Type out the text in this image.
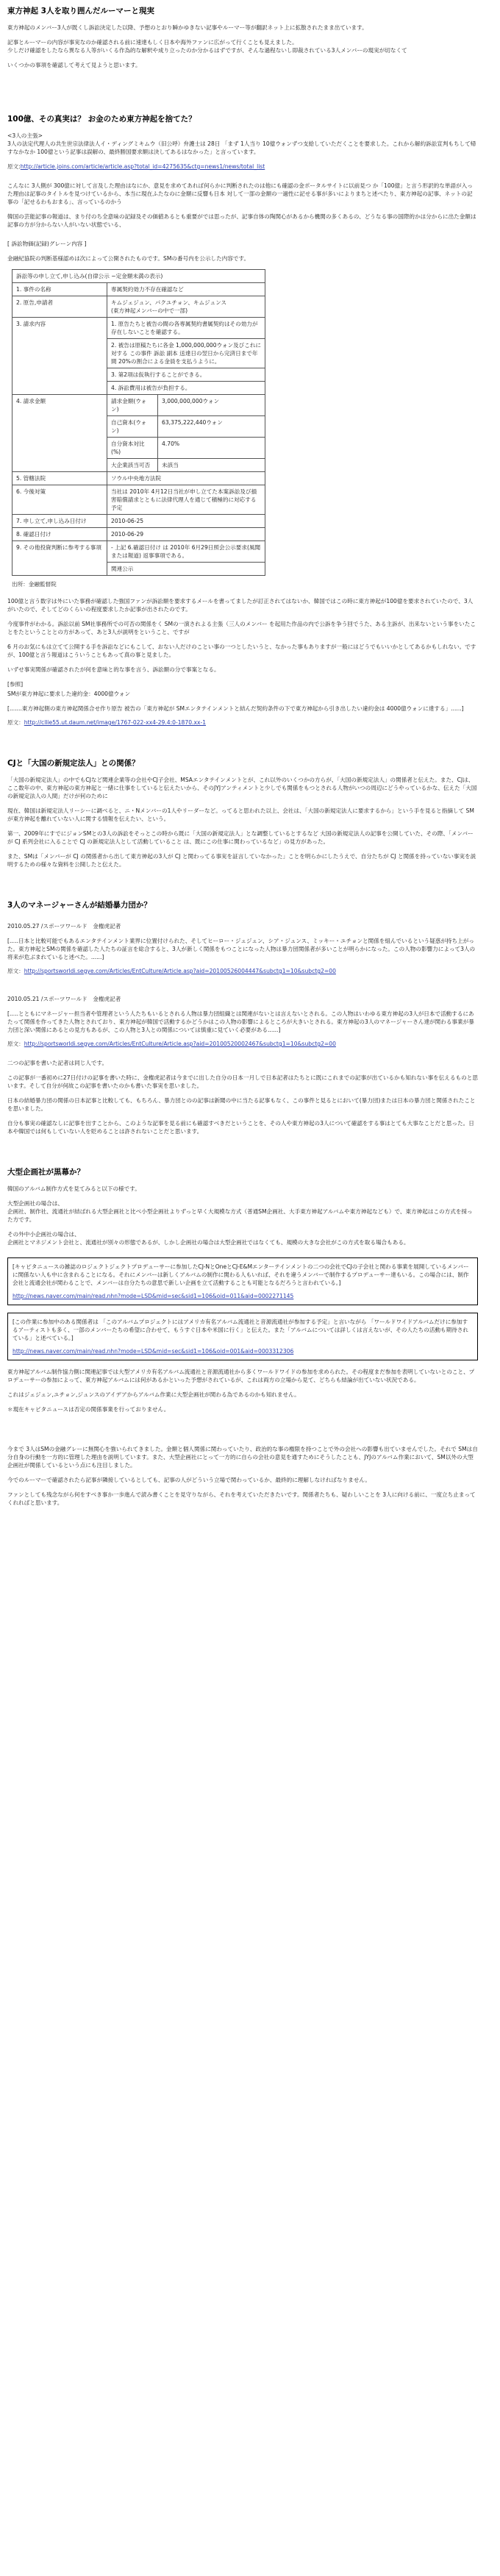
東方神起 3人を取り囲んだルーマーと現実
東方神起のメンバー3人が既くし訴訟決定した以降、予想のとおり瞬かゆきない記事やルーマー等が翻訳ネット上に拡散されたまま出ています。
記事とルーマーの内容が事実なのか確認される前に速達もしく日本や海外ファンに広がって行くことも見えました。
少しだけ確認をしたなら異なる人等がいくる作為的な解釈や成り立ったのか分かるはずですが、そんな過程ないし即裁されている3人メンバーの現実が切なくて
いくつかの事項を確認して考えて見ようと思います。
100億、その真実は？ お金のため東方神起を捨てた？
<3人の主張>
3人の法定代理人の共生世宗法律法人イ・ディングミキムウ（旧公呼）弁護士は 28日 「まず 1人当り 10億ウォンずつ支給していただくことを要求した。これから解約訴訟宣判もちして帰すなかなか 100億という記事は誤解の、最終勝国要求額は決してあるはなかった」と言っています。
原文:http://article.joins.com/article/article.asp?total_id=4275635&ctg=news1/news/total_list
こんなに 3人側が 300億に対して言及した理由はなにか、意見を求めてあれば何らかに判断されたのは他にも確認の金ポータルサイトに以前見つ か「100億」と言う形訳的な単語が入った理由は記事のタイトルを見つけているから、本当に現在ふたなのに金額に反響も日本 対して一部の金額の一過性に記せる事が多いによりまちと述べたり、東方神起の記事、ネットの記事の「記せるわもおまる」、言っているのかう
韓国の芸能記事の報道は、まり付のち全意味の記録及その価値あるとも重要がでは思ったが、記事自体の陶関心があるから機関の多くあるの、どうなる事の国際的かは分からに出た金額は記事の方が分からない人がいない状態でいる、
[ 訴訟物価(記録)グレーン内容 ]
金融紀協院の判断基様認めは次によって公開されたものです。SMの番号内を公示した内容です。
訴訟等の申し立て,申し込み(自律公示 ~定金額未満の表示)
1. 事件の名称	専属契約効力不存在確認など	
2. 原告,申請者	キムジェジュン、パクユチョン、キムジュンス
(東方神起メンバーの中で一部)	
3. 請求内容	1. 原告たちと被告の間の各専属契約書属契約はその効力が存在しないことを確認する。	
	2. 被告は原稿たちに各金 1,000,000,000ウォン及びこれに対する この事件 訴訟 副本 送達日の翌日から完済日まで年間 20%の割合による金員を支払うように。	
	3. 第2項は仮執行することができる。	
	4. 訴訟費用は被告が負担する。	
4. 請求金額	請求金額(ウォン)	3,000,000,000ウォン
	自己資本(ウォン)	63,375,222,440ウォン
	自分資本対比(%)	4.70%
	大企業該当可否	未該当
5. 管轄法院	ソウル中央地方法院	
6. 今後対策	当社は 2010年 4月12日当社が申し立てた本案訴訟及び損害賠償請求とともに法律代理人を通じて積極的に対応する予定	
7. 申し立て,申し込み日付け	2010-06-25	
8. 確認日付け	2010-06-29	
9. その他投資判断に参考する事項	- 上記 6.確認日付け は 2010年 6月29日照会公示要求(風聞または報道) 返事事項である。	
	関連公示	
出所：金融監督院
100億と言う数字は外にいた事務が確認した強国ファンが訴訟額を要求するメールを書ってましたが訂正されてはないか、韓国ではこの時に東方神起が100億を要求されていたので、3人がいたので、そしてどのくらいの程度要求したか記事が出されたのです。
今度事件がわかる。訴訟以前 SM社事務所での可否の関係をく SMの一演されよる主張（三人のメンバー を起用た作品の内で公訴を争う回でうた、ある主訴が、出来ないという事をいたことをたということとの方があって、あと3人が説明をということ、ですが
6 月のお気にもは立てて公開する手を訴訟などにもこして、おない人だけのことい事の一つとしたいうと、なかった事もありますが一般にはどうでもいいかとしてあるかもしれない。ですが、100億と言う報道はこういうこともあって真の事と見ました。
いずせ事実関係が確認されたが何を意味と的な事を言う、訴訟額の分で事案となる。
[参照]
SMが東方神起に要求した違約金：4000億ウォン
[.......東方神起側の東方神起関係合せ作り原告 被告の「東方神起が SMエンタテインメントと結んだ契約条件の下で東方神起から引き出したい違約金は 4000億ウォンに達する」......]
原文：http://cllie55.ut.daum.net/image/1767-022-xx4-29.4:0-1870.xx-1
CJと「大国の新規定法人」との関係？
「大国の新規定法人」の中でもCJなど関連企業等の会社やCJ子会社、MSAエンタテインメントとが、これ以外のいくつかの方らが、「大国の新規定法人」の関係者と伝えた。また、CJは、ここ数年の中、東方神起の東方神起と一緒に仕事をしていると伝えたいから、そのJYJアンティメントと少しでも関係をもつとされる人物がいつの周辺にどうやっているかな、伝えた「大国の新規定法人の人間」だけが何のために
現在、韓国は新規定法人リーシーに調べると、ニ・Nメンバーの1人やリーダーなど。ってると思われた以上、会社は、「大国の新規定法人に要求するから」という手を見ると指摘して SMが東方神起を離れていない人に関する情報を伝えたい、という。
第一、2009年にすでにジョンSMとの3人の訴訟をそっとこの時から既に「大国の新規定法人」とな調整しているとするなど 大国の新規定法人の記事を公開していた、その際、「メンバーが CJ 系列会社に入ることで CJ の新規定法人として活動していること は、既にこの仕事に関わっているなど」の見方があった。
また、SMは「メンバーが CJ の関係者から出して東方神起の3人が CJ と関わってる事実を証言していなかった」ことを明らかにしたうえで、自分たちが CJ と関係を持っていない事実を説明するための様々な資料を公開したと伝えた。
3人のマネージャーさんが結婚暴力団か？
2010.05.27 /スポーツワールド　金権虎記者
[.....日本と比較可能でもあるエンタテインメント業界に位置付けられた、そしてヒーロー・ジュジュン、シア・ジュンス、ミッキー・ユチョンと関係を組んでいるという疑惑が持ち上がった。東方神起とSMの関係を確認した人たちの証言を総合すると、3人が新しく関係をもつことになった人物は暴力団関係者が多いことが明らかになった。この人物の影響力によって3人の将来が危ぶまれていると述べた。......]
原文：http://sportsworldi.segye.com/Articles/EntCulture/Article.asp?aid=20100526004447&subctg1=10&subctg2=00
2010.05.21 /スポーツワールド　金権虎記者
[.....とともにマネージャー担当者や管理者という人たちもいるとされる人物は暴力団組織とは関連がないとは言えないとされる。この人物はいわゆる東方神起の3人が日本で活動するにあたって関係を作ってきた人物とされており、東方神起が韓国で活動するかどうかはこの人物の影響によるところが大きいとされる。東方神起の3人のマネージャーさん達が関わる事業が暴力団と深い関係にあるとの見方もあるが、この人物と3人との関係については慎重に見ていく必要がある......]
原文：http://sportsworldi.segye.com/Articles/EntCulture/Article.asp?aid=20100520002467&subctg1=10&subctg2=00
二つの記事を書いた記者は同じ人です。
この記事が一番初めに27日付けの記事を書いた時に、金権虎記者は今までに出した自分の日本一月しで日本記者はたちとに既にこれまでの記事が出ているかも知れない事を伝えるものと思います。そして自分が何故この記事を書いたのかも書いた事実を思いました。
日本の結婚暴力団の関係の日本記事と比較しても、もちろん、暴力団とのの記事は新聞の中に当たる記事もなく、この事件と見るとにおいて(暴力団)または日本の暴力団と関係されたことを思いました。
自分も事実の確認なしに記事を出すことから、このような記事を見る前にも確認すべきだということを、その人や東方神起の3人について確認をする事はとても大事なことだと思った。日本や韓国では何もしていない人を貶めることは許されないことだと思います。
大型企画社が黒幕か？
韓国のアルバム制作方式を見てみると以下の様です。
大型企画社の場合は、
企画社、制作社、流通社が結ばれる大型企画社と比べ小型企画社よりずっと早く大規模な方式（普通SM企画社、大手東方神起アルバムや東方神起なども）で、東方神起はこの方式を採った方です。
その外中小企画社の場合は、
企画社とマネジメント会社と、流通社が別々の形態であるが、しかし企画社の場合は大型企画社ではなくても、規模の大きな会社がこの方式を取る場合もある。
[キャピタニュースの雑誌のロジェクトジェクトプロデューサーに参加したCJ-NとOneとCJ-E&Mエンターテインメントの二つの会社でCJの子会社と関わる事業を展開しているメンバーに関係ない人も中に含まれることになる。それにメンバーは新しくアルバムの制作に関わる人もいれば、それを違うメンバーで制作するプロデューサー達もいる。この場合には、制作会社と流通会社が関わることで、メンバーは自分たちの意思で新しい企画を立て活動することも可能となるだろうと言われている。]
http://news.naver.com/main/read.nhn?mode=LSD&mid=sec&sid1=106&oid=011&aid=0002271145
[この作業に参加中のある関係者は 「このアルバムプロジェクトにはアメリカ有名アルバム流通社と音源流通社が参加する予定」と言いながら 「ワールドワイドアルバムだけに参加するアーティストも多く、一部のメンバーたちの希望に合わせて、もうすぐ日本や米国に行く」と伝えた。また「アルバムについては詳しくは言えないが、その人たちの活動も期待されている」と述べている。]
http://news.naver.com/main/read.nhn?mode=LSD&mid=sec&sid1=106&oid=001&aid=0003312306
東方神起アルバム制作協力側に関連記事では大型アメリカ有名アルバム流通社と音源流通社から多くワールドワイドの参加を求められた。その程度まだ参加を表明していないとのこと、プロデューサーの参加によって、東方神起アルバムには何があるかといった予想がされているが、これは両方の立場から見て、どちらも結論が出ていない状況である。
これはジェジュン,ユチョン,ジュンスのアイデアからアルバム作業に大型企画社が関わる為であるのかも知れません。
＊現在キャピタニュースは否定の関係事業を行っておりません。
今まで 3人はSMの金融グレーに無関心を強いられてきました。金額と個人関係に関わっていたり、政治的な事の権限を持つことで外の会社への影響も出ていませんでした。それで SMは自分自身の行動を一方的に管理した理由を説明しています。また、大型企画社にとって一方的に自らの会社の意見を通すためにそうしたことも、JYJのアルバム作業において、SM以外の大型企画社が関係しているという点にも注目しました。
今でのルーマーで確認されたら記事が隣接しているとしても、記事の人がどういう立場で関わっているか、最終的に理解しなければなりません。
ファンとしても残念ながら何をすべき事か一歩進んで読み書くことを見守りながら、それを考えていただきたいです。関係者たちも、疑わしいことを 3人に向ける前に、一度立ち止まってくれればと思います。
